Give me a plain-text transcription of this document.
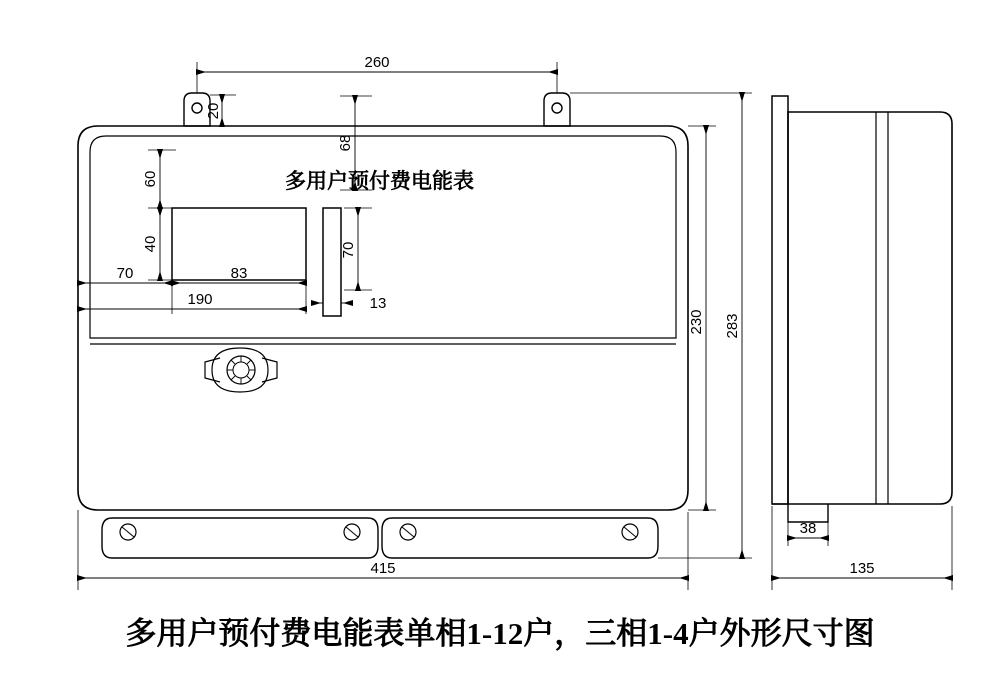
260
20
68
60
40
70	83
190
70
13
230 283
415
38
135
多用户预付费电能表
多用户预付费电能表单相1-12户，三相1-4户外形尺寸图
